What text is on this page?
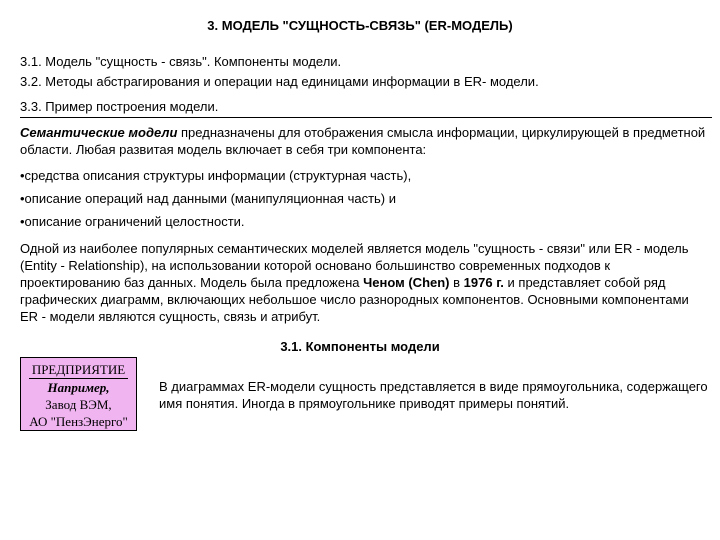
3. МОДЕЛЬ "СУЩНОСТЬ-СВЯЗЬ" (ER-МОДЕЛЬ)
3.1. Модель "сущность - связь". Компоненты модели.
3.2. Методы абстрагирования и операции над единицами информации в ER- модели.
3.3. Пример построения модели.
Семантические модели предназначены для отображения смысла информации, циркулирующей в предметной области. Любая развитая модель включает в себя три компонента:
•средства описания структуры информации (структурная часть),
•описание операций над данными (манипуляционная часть) и
•описание ограничений целостности.
Одной из наиболее популярных семантических моделей является модель "сущность - связи" или ER - модель (Entity - Relationship), на использовании которой основано большинство современных подходов к проектированию баз данных. Модель была предложена Ченом (Chen) в 1976 г. и представляет собой ряд графических диаграмм, включающих небольшое число разнородных компонентов. Основными компонентами ER - модели являются сущность, связь и атрибут.
3.1. Компоненты модели
ПРЕДПРИЯТИЕ
Например,
Завод ВЭМ,
АО "ПензЭнерго"
В диаграммах ER-модели сущность представляется в виде прямоугольника, содержащего имя понятия. Иногда в прямоугольнике приводят примеры понятий.
